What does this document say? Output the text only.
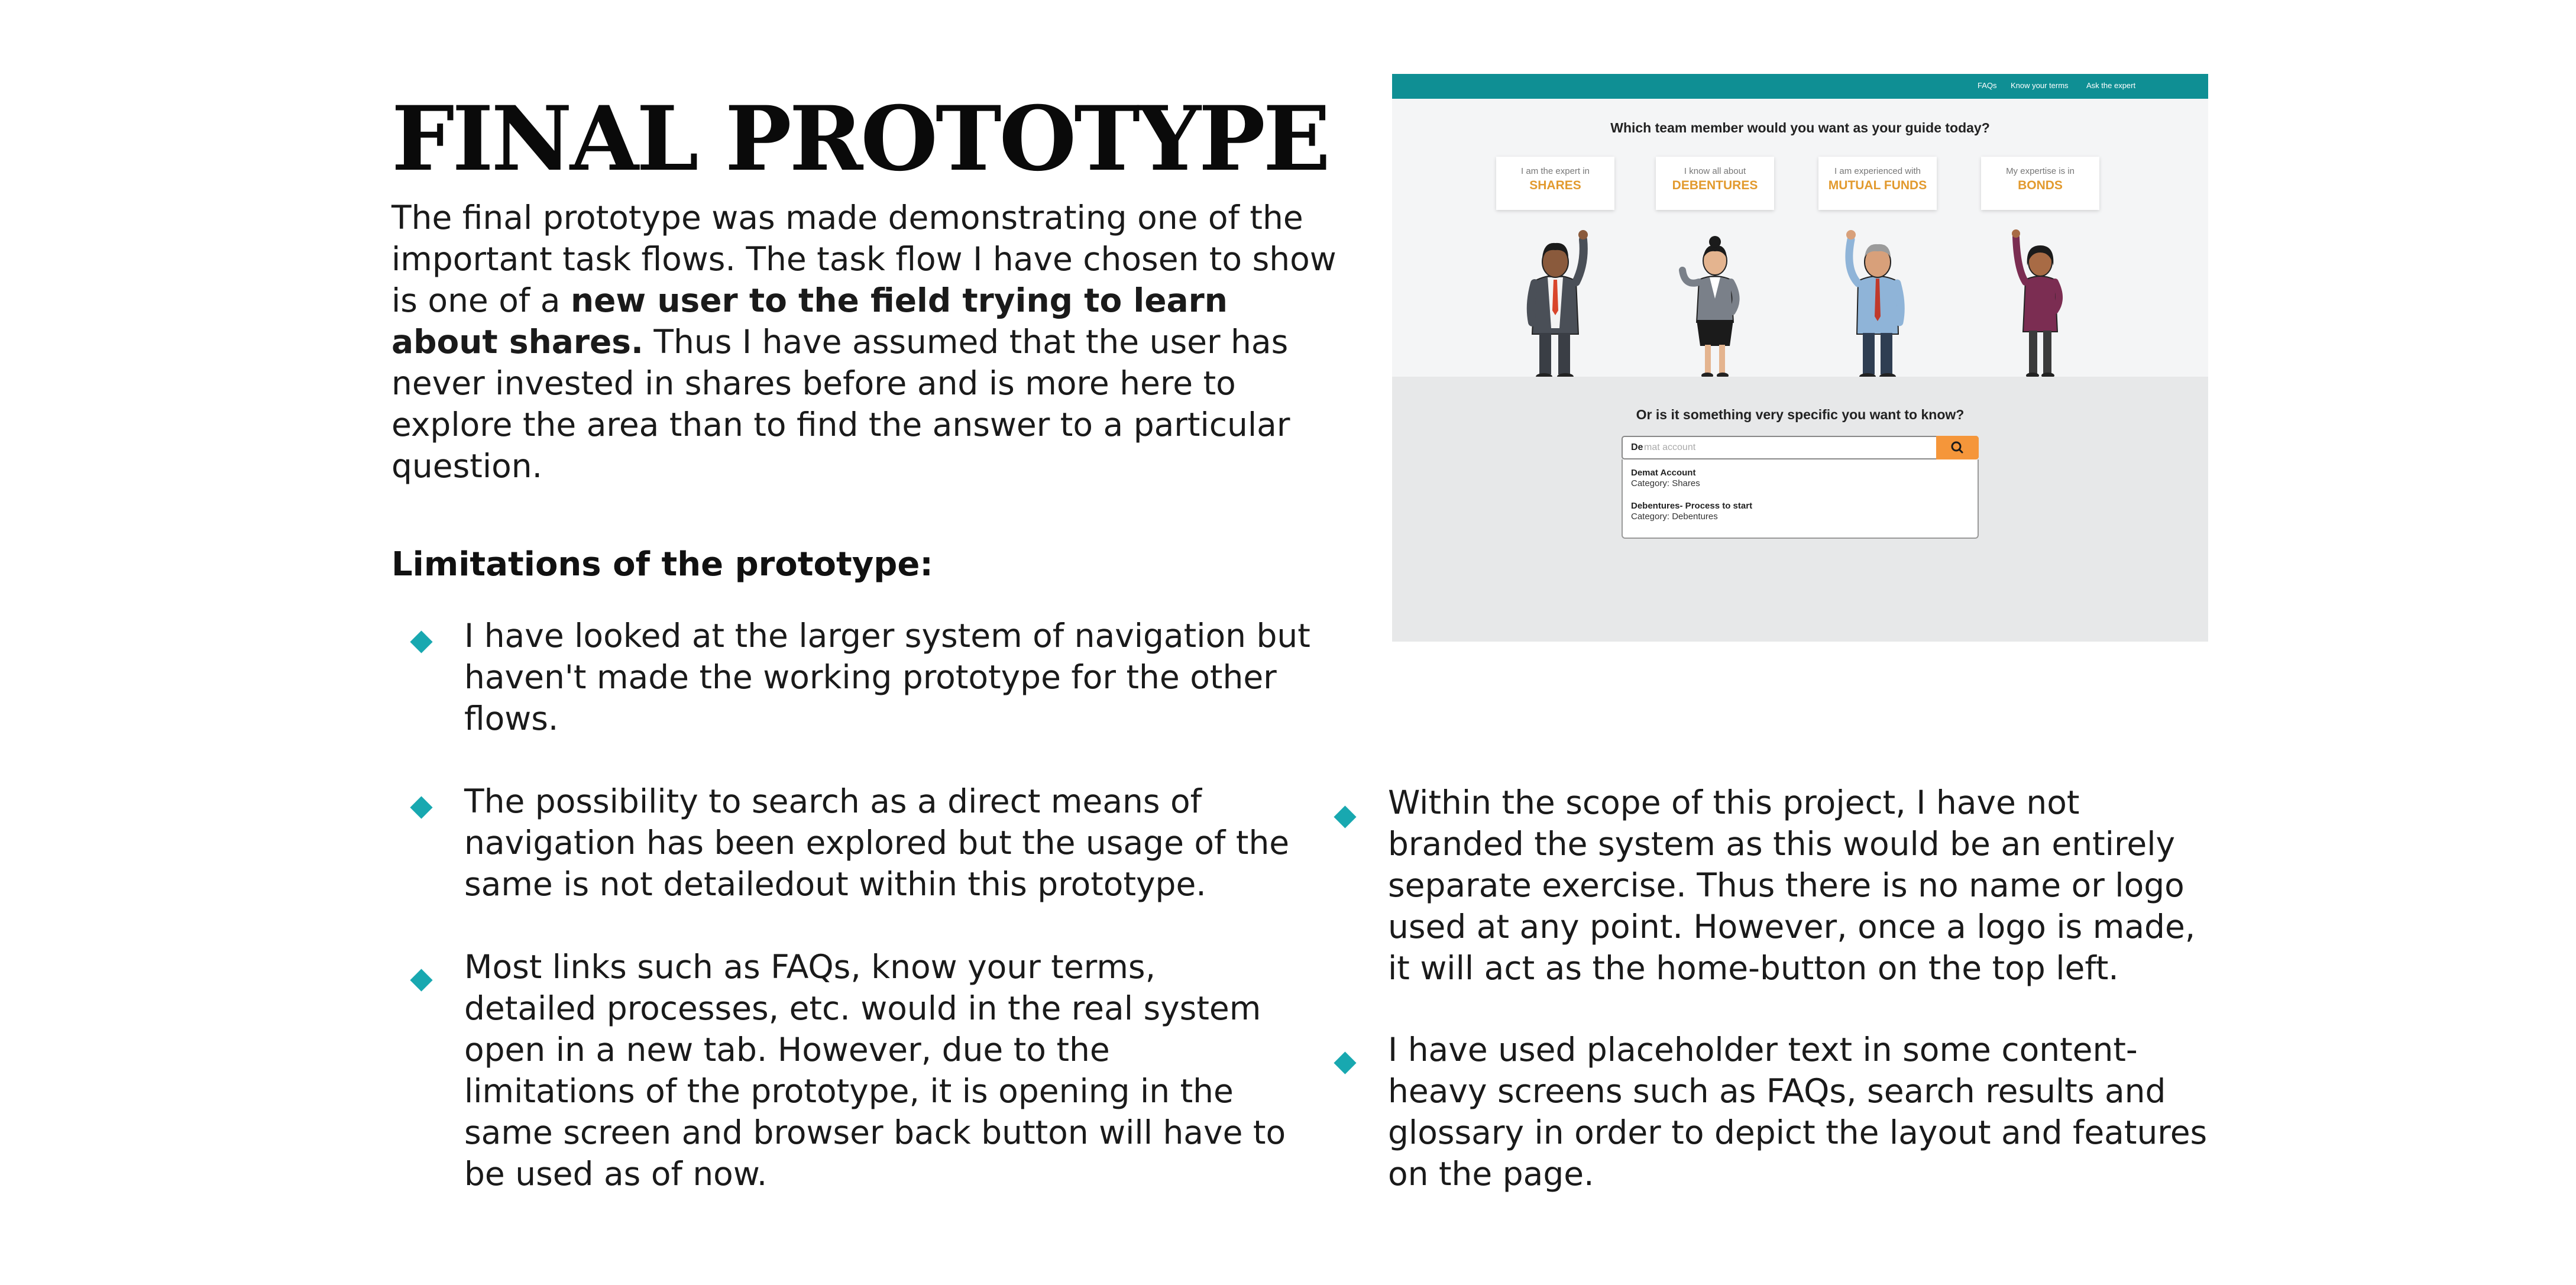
FINAL PROTOTYPE

The final prototype was made demonstrating one of the important task flows. The task flow I have chosen to show is one of a new user to the field trying to learn about shares. Thus I have assumed that the user has never invested in shares before and is more here to explore the area than to find the answer to a particular question.

Limitations of the prototype:

I have looked at the larger system of navigation but haven't made the working prototype for the other flows.

The possibility to search as a direct means of navigation has been explored but the usage of the same is not detailedout within this prototype.

Most links such as FAQs, know your terms, detailed processes, etc. would in the real system open in a new tab. However, due to the limitations of the prototype, it is opening in the same screen and browser back button will have to be used as of now.

Within the scope of this project, I have not branded the system as this would be an entirely separate exercise. Thus there is no name or logo used at any point. However, once a logo is made, it will act as the home-button on the top left.

I have used placeholder text in some content-heavy screens such as FAQs, search results and glossary in order to depict the layout and features on the page.

FAQs Know your terms Ask the expert

Which team member would you want as your guide today?

I am the expert in
SHARES
I know all about
DEBENTURES
I am experienced with
MUTUAL FUNDS
My expertise is in
BONDS

Or is it something very specific you want to know?

De mat account
Demat Account
Category: Shares
Debentures- Process to start
Category: Debentures
